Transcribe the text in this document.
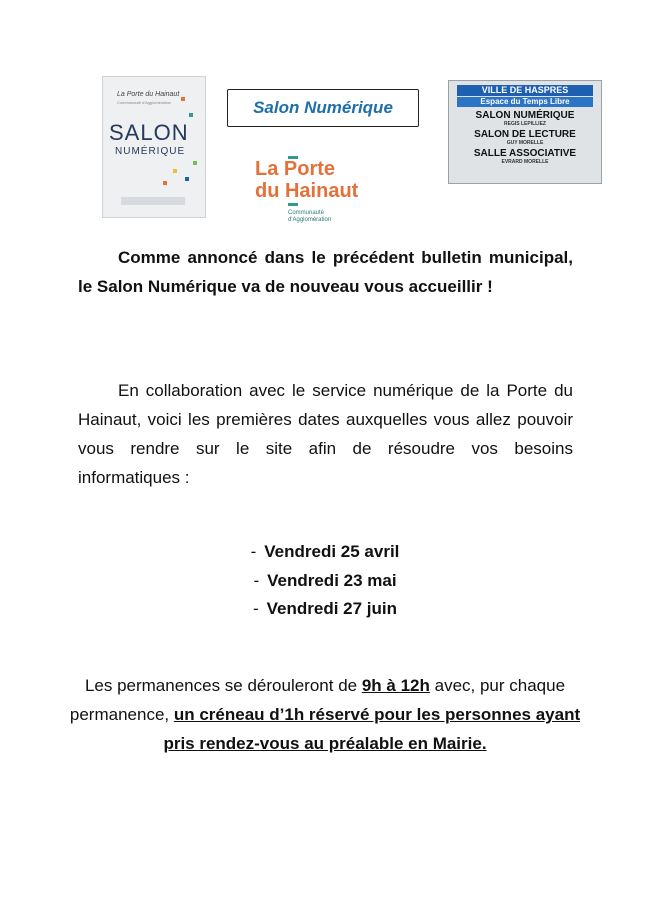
La Porte du Hainaut
Communauté d'Agglomération
SALON
NUMÉRIQUE
Salon Numérique
La Porte
du Hainaut
Communauté
d'Agglomération
VILLE DE HASPRES
Espace du Temps Libre
SALON NUMÉRIQUE
REGIS LEPILLIEZ
SALON DE LECTURE
GUY MORELLE
SALLE ASSOCIATIVE
EVRARD MORELLE

Comme annoncé dans le précédent bulletin municipal, le Salon Numérique va de nouveau vous accueillir !

En collaboration avec le service numérique de la Porte du Hainaut, voici les premières dates auxquelles vous allez pouvoir vous rendre sur le site afin de résoudre vos besoins informatiques :

- Vendredi 25 avril
- Vendredi 23 mai
- Vendredi 27 juin

Les permanences se dérouleront de 9h à 12h avec, pur chaque permanence, un créneau d’1h réservé pour les personnes ayant pris rendez-vous au préalable en Mairie.
